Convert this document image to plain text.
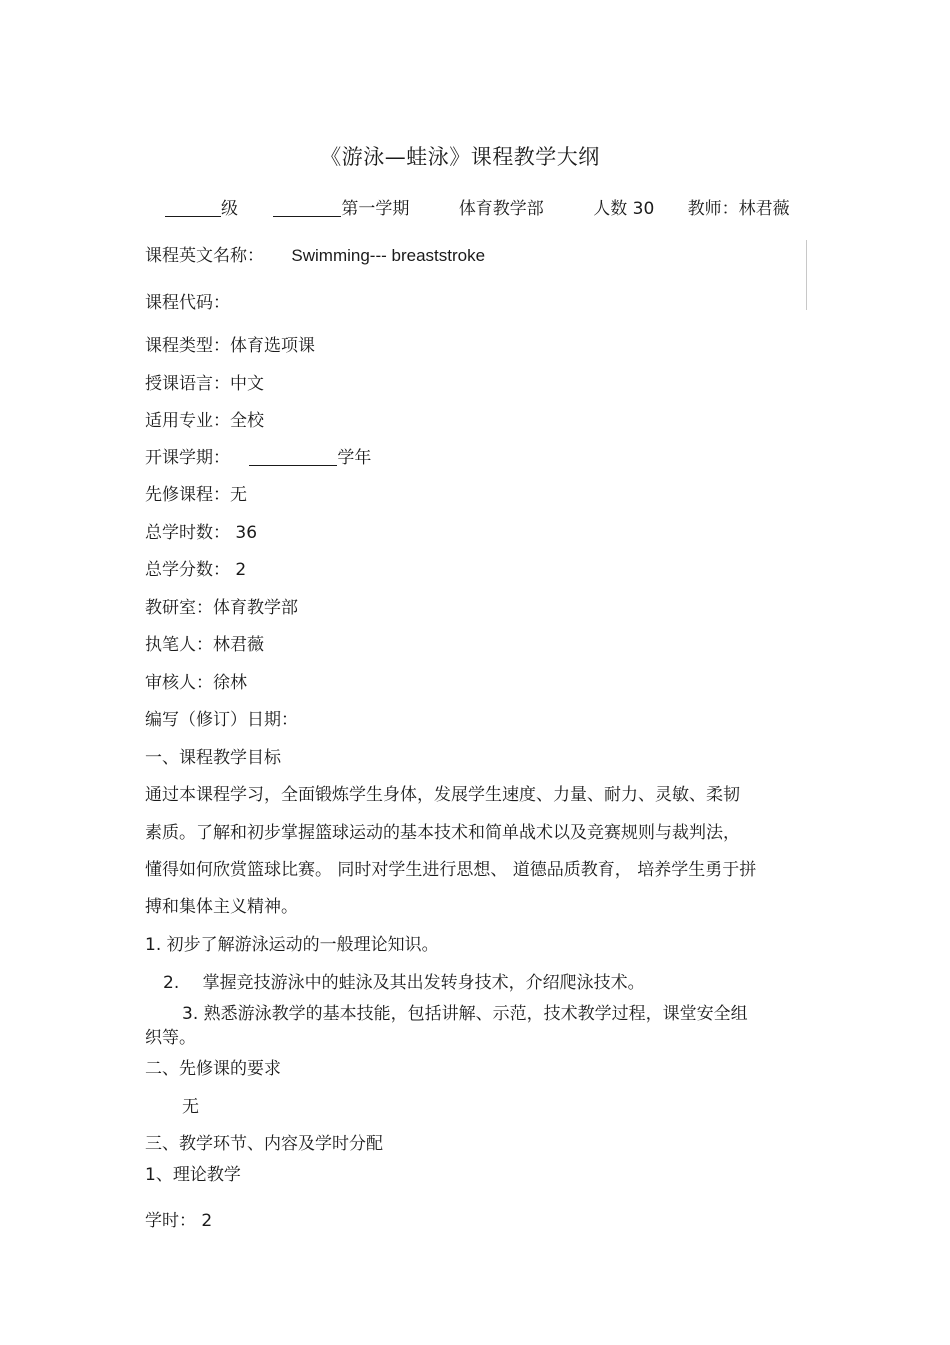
《游泳—蛙泳》课程教学大纲
级	第一学期	体育教学部	人数 30 教师：林君薇
课程英文名称： Swimming--- breaststroke
课程代码：
课程类型：体育选项课
授课语言：中文
适用专业：全校
开课学期：	学年
先修课程：无
总学时数： 36
总学分数： 2
教研室：体育教学部
执笔人：林君薇
审核人：徐林
编写（修订）日期：
一、课程教学目标
通过本课程学习，全面锻炼学生身体，发展学生速度、力量、耐力、灵敏、柔韧
素质。了解和初步掌握篮球运动的基本技术和简单战术以及竞赛规则与裁判法，
懂得如何欣赏篮球比赛。 同时对学生进行思想、 道德品质教育， 培养学生勇于拼
搏和集体主义精神。
1. 初步了解游泳运动的一般理论知识。
2. 掌握竞技游泳中的蛙泳及其出发转身技术，介绍爬泳技术。
3. 熟悉游泳教学的基本技能，包括讲解、示范，技术教学过程，课堂安全组
织等。
二、先修课的要求
无
三、教学环节、内容及学时分配
1、理论教学
学时： 2
